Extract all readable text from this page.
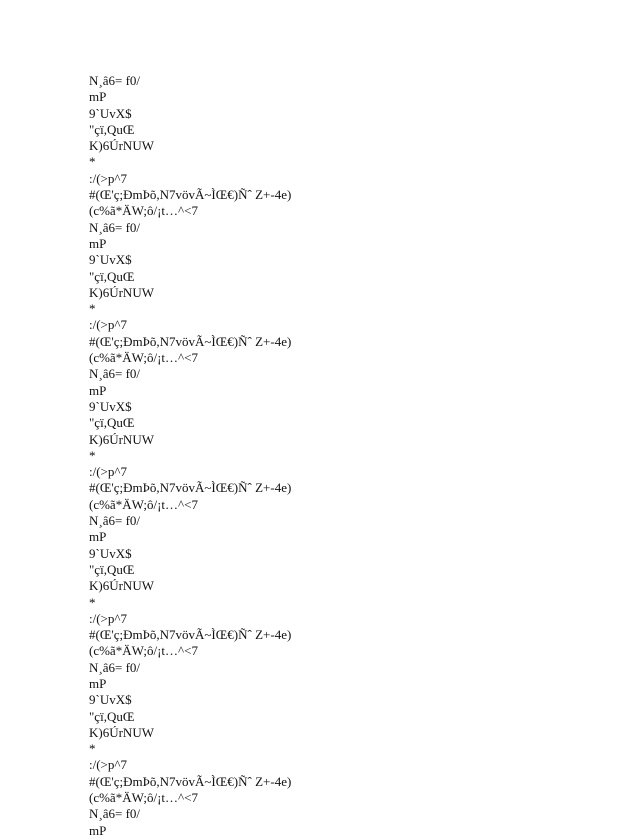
N¸â6= f0/
mP
9`UvX$
"çï,QuŒ
K)6ÚrNUW
*
:/(>p^7
#(Œ'ç;ÐmÞõ,N7vövÃ~ÌŒ€)Ñˆ Z+-4e)
(c%ã*ÄW;ô/¡t…^<7
N¸â6= f0/
mP
9`UvX$
"çï,QuŒ
K)6ÚrNUW
*
:/(>p^7
#(Œ'ç;ÐmÞõ,N7vövÃ~ÌŒ€)Ñˆ Z+-4e)
(c%ã*ÄW;ô/¡t…^<7
N¸â6= f0/
mP
9`UvX$
"çï,QuŒ
K)6ÚrNUW
*
:/(>p^7
#(Œ'ç;ÐmÞõ,N7vövÃ~ÌŒ€)Ñˆ Z+-4e)
(c%ã*ÄW;ô/¡t…^<7
N¸â6= f0/
mP
9`UvX$
"çï,QuŒ
K)6ÚrNUW
*
:/(>p^7
#(Œ'ç;ÐmÞõ,N7vövÃ~ÌŒ€)Ñˆ Z+-4e)
(c%ã*ÄW;ô/¡t…^<7
N¸â6= f0/
mP
9`UvX$
"çï,QuŒ
K)6ÚrNUW
*
:/(>p^7
#(Œ'ç;ÐmÞõ,N7vövÃ~ÌŒ€)Ñˆ Z+-4e)
(c%ã*ÄW;ô/¡t…^<7
N¸â6= f0/
mP
